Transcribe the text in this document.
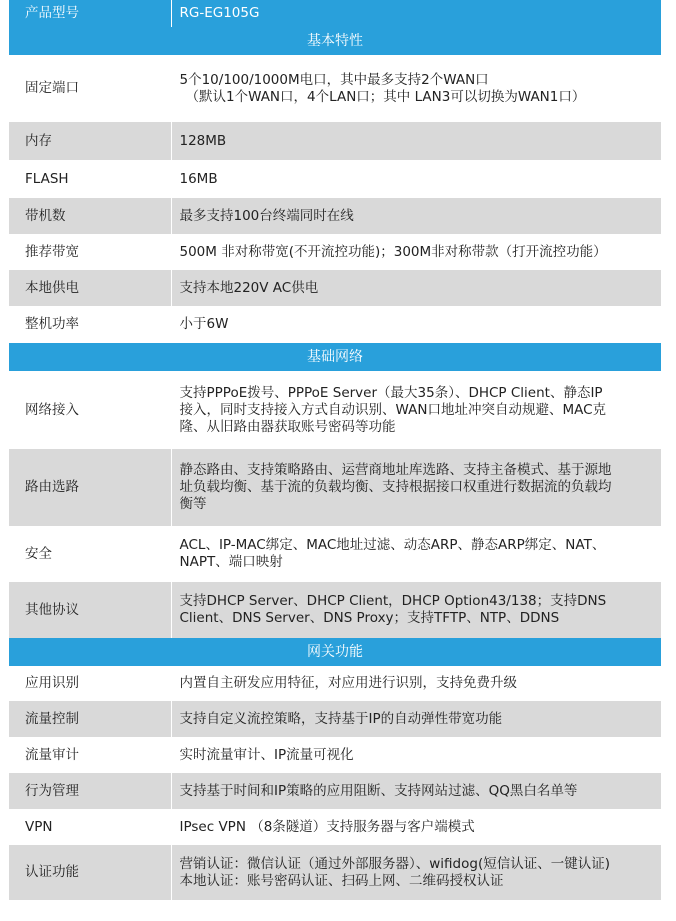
产品型号	RG-EG105G
基本特性	
固定端口	5个10/100/1000M电口，其中最多支持2个WAN口
（默认1个WAN口，4个LAN口；其中 LAN3可以切换为WAN1口）

内存	128MB

FLASH	16MB

带机数	最多支持100台终端同时在线

推荐带宽	500M 非对称带宽(不开流控功能)；300M非对称带款（打开流控功能）

本地供电	支持本地220V AC供电

整机功率	小于6W

基础网络	
网络接入	支持PPPoE拨号、PPPoE Server（最大35条）、DHCP Client、静态IP
接入，同时支持接入方式自动识别、WAN口地址冲突自动规避、MAC克
隆、从旧路由器获取账号密码等功能

路由选路	静态路由、支持策略路由、运营商地址库选路、支持主备模式、基于源地
址负载均衡、基于流的负载均衡、支持根据接口权重进行数据流的负载均
衡等

安全	ACL、IP-MAC绑定、MAC地址过滤、动态ARP、静态ARP绑定、NAT、
NAPT、端口映射

其他协议	支持DHCP Server、DHCP Client，DHCP Option43/138；支持DNS
Client、DNS Server、DNS Proxy；支持TFTP、NTP、DDNS

网关功能	
应用识别	内置自主研发应用特征，对应用进行识别，支持免费升级

流量控制	支持自定义流控策略，支持基于IP的自动弹性带宽功能

流量审计	实时流量审计、IP流量可视化

行为管理	支持基于时间和IP策略的应用阻断、支持网站过滤、QQ黑白名单等

VPN	IPsec VPN （8条隧道）支持服务器与客户端模式

认证功能	营销认证：微信认证（通过外部服务器）、wifidog(短信认证、一键认证)
本地认证：账号密码认证、扫码上网、二维码授权认证
